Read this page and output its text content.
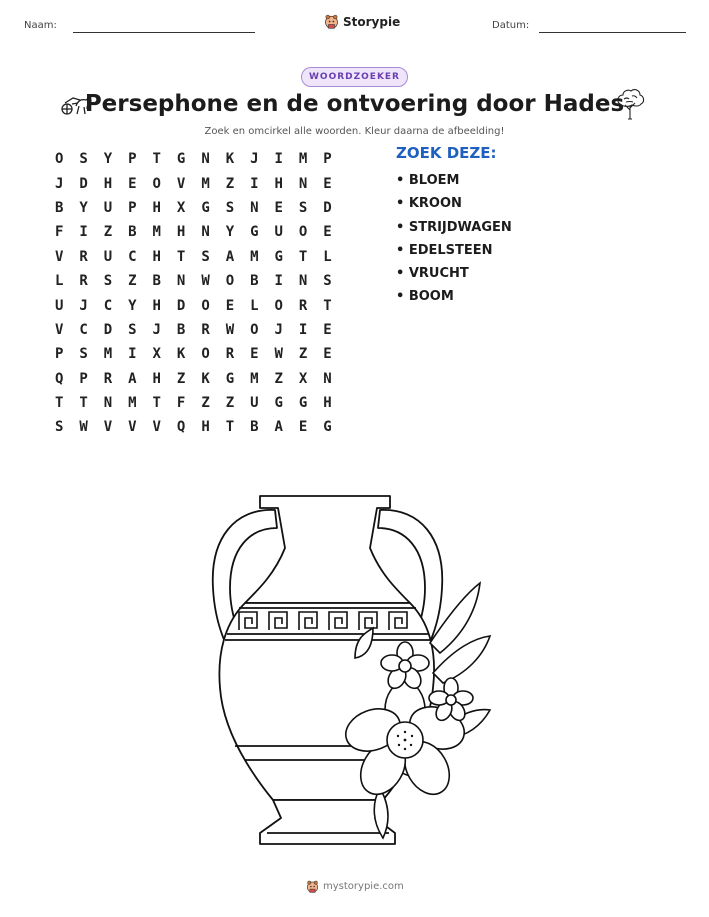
Naam:	Storypie	Datum:
WOORDZOEKER
Persephone en de ontvoering door Hades
Zoek en omcirkel alle woorden. Kleur daarna de afbeelding!
O	S	Y	P	T	G	N	K	J	I	M	P
J	D	H	E	O	V	M	Z	I	H	N	E
B	Y	U	P	H	X	G	S	N	E	S	D
F	I	Z	B	M	H	N	Y	G	U	O	E
V	R	U	C	H	T	S	A	M	G	T	L
L	R	S	Z	B	N	W	O	B	I	N	S
U	J	C	Y	H	D	O	E	L	O	R	T
V	C	D	S	J	B	R	W	O	J	I	E
P	S	M	I	X	K	O	R	E	W	Z	E
Q	P	R	A	H	Z	K	G	M	Z	X	N
T	T	N	M	T	F	Z	Z	U	G	G	H
S	W	V	V	V	Q	H	T	B	A	E	G
ZOEK DEZE:
• BLOEM
• KROON
• STRIJDWAGEN
• EDELSTEEN
• VRUCHT
• BOOM
mystorypie.com
